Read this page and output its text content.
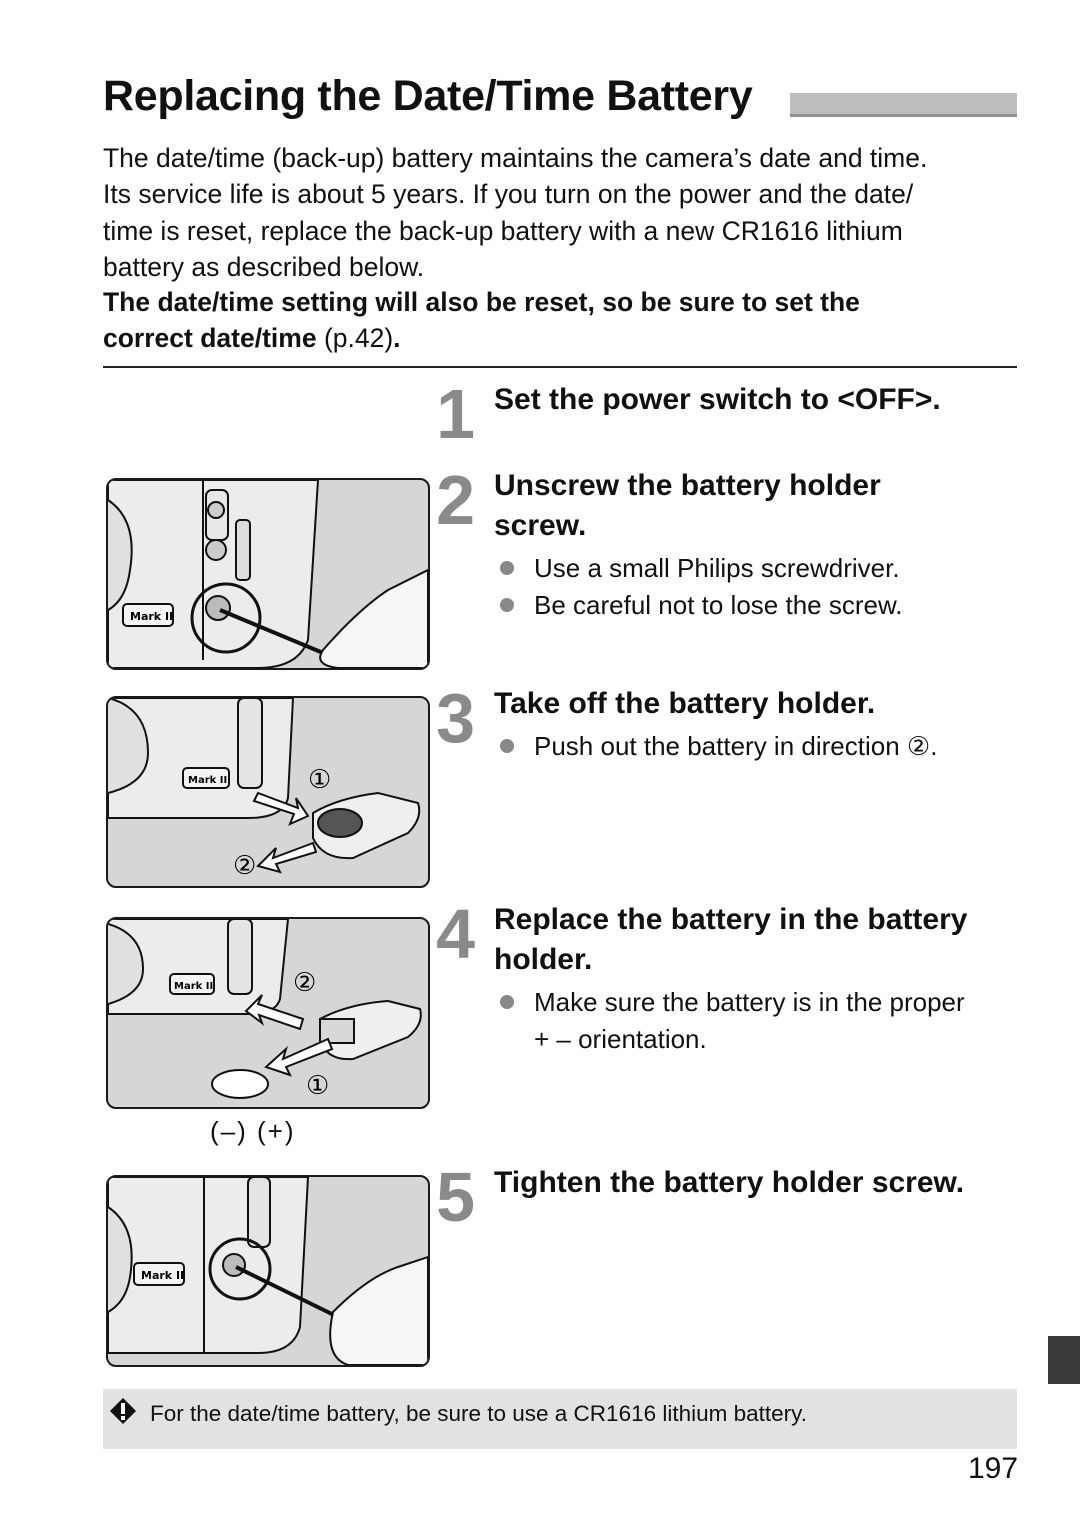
Replacing the Date/Time Battery

The date/time (back-up) battery maintains the camera’s date and time.

Its service life is about 5 years. If you turn on the power and the date/

time is reset, replace the back-up battery with a new CR1616 lithium

battery as described below.

The date/time setting will also be reset, so be sure to set the
correct date/time (p.42).
1 Set the power switch to <OFF>.
2 Unscrew the battery holder
screw.
Use a small Philips screwdriver.
Be careful not to lose the screw.
3 Take off the battery holder.
Push out the battery in direction ②.
4 Replace the battery in the battery
holder.
Make sure the battery is in the proper
+ – orientation.
5 Tighten the battery holder screw.
Mark II
Mark II	①
②
Mark II	②
①
(–) (+)
Mark II
For the date/time battery, be sure to use a CR1616 lithium battery.
197
